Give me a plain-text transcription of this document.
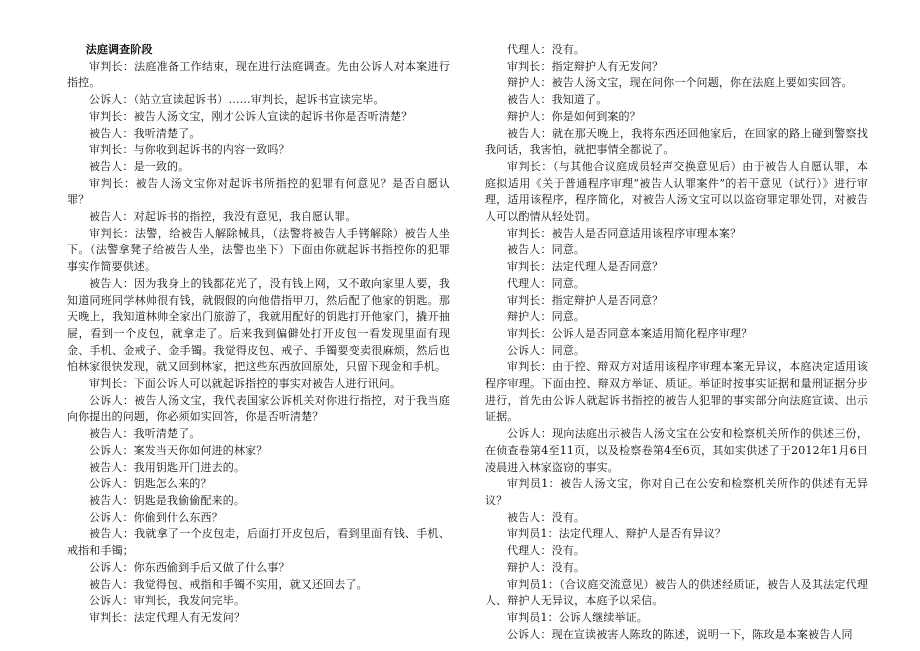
法庭调查阶段

审判长：法庭准备工作结束，现在进行法庭调查。先由公诉人对本案进行指控。

公诉人：（站立宣读起诉书）……审判长，起诉书宣读完毕。

审判长：被告人汤文宝，刚才公诉人宣读的起诉书你是否听清楚？

被告人：我听清楚了。

审判长：与你收到起诉书的内容一致吗？

被告人：是一致的。

审判长：被告人汤文宝你对起诉书所指控的犯罪有何意见？是否自愿认罪？

被告人：对起诉书的指控，我没有意见，我自愿认罪。

审判长：法警，给被告人解除械具，（法警将被告人手铐解除）被告人坐下。（法警拿凳子给被告人坐，法警也坐下）下面由你就起诉书指控你的犯罪事实作简要供述。

被告人：因为我身上的钱都花光了，没有钱上网，又不敢向家里人要，我知道同班同学林帅很有钱，就假假的向他借指甲刀，然后配了他家的钥匙。那天晚上，我知道林帅全家出门旅游了，我就用配好的钥匙打开他家门，撬开抽屉，看到一个皮包，就拿走了。后来我到偏僻处打开皮包一看发现里面有现金、手机、金戒子、金手镯。我觉得皮包、戒子、手镯要变卖很麻烦，然后也怕林家很快发现，就又回到林家，把这些东西放回原处，只留下现金和手机。

审判长：下面公诉人可以就起诉指控的事实对被告人进行讯问。

公诉人：被告人汤文宝，我代表国家公诉机关对你进行指控，对于我当庭向你提出的问题，你必须如实回答，你是否听清楚？

被告人：我听清楚了。

公诉人：案发当天你如何进的林家？

被告人：我用钥匙开门进去的。

公诉人：钥匙怎么来的？

被告人：钥匙是我偷偷配来的。

公诉人：你偷到什么东西？

被告人：我就拿了一个皮包走，后面打开皮包后，看到里面有钱、手机、戒指和手镯；

公诉人：你东西偷到手后又做了什么事？

被告人：我觉得包、戒指和手镯不实用，就又还回去了。

公诉人：审判长，我发问完毕。

审判长：法定代理人有无发问？

代理人：没有。

审判长：指定辩护人有无发问？

辩护人：被告人汤文宝，现在问你一个问题，你在法庭上要如实回答。

被告人：我知道了。

辩护人：你是如何到案的？

被告人：就在那天晚上，我将东西还回他家后，在回家的路上碰到警察找我问话，我害怕，就把事情全都说了。

审判长：（与其他合议庭成员轻声交换意见后）由于被告人自愿认罪，本庭拟适用《关于普通程序审理“被告人认罪案件”的若干意见（试行）》进行审理，适用该程序，程序简化，对被告人汤文宝可以以盗窃罪定罪处罚，对被告人可以酌情从轻处罚。

审判长：被告人是否同意适用该程序审理本案？

被告人：同意。

审判长：法定代理人是否同意？

代理人：同意。

审判长：指定辩护人是否同意？

辩护人：同意。

审判长：公诉人是否同意本案适用简化程序审理？

公诉人：同意。

审判长：由于控、辩双方对适用该程序审理本案无异议，本庭决定适用该程序审理。下面由控、辩双方举证、质证。举证时按事实证据和量刑证据分步进行，首先由公诉人就起诉书指控的被告人犯罪的事实部分向法庭宣读、出示证据。

公诉人：现向法庭出示被告人汤文宝在公安和检察机关所作的供述三份，在侦查卷第4至11页，以及检察卷第4至6页，其如实供述了于2012年1月6日凌晨进入林家盗窃的事实。

审判员1：被告人汤文宝，你对自己在公安和检察机关所作的供述有无异议？

被告人：没有。

审判员1：法定代理人、辩护人是否有异议？

代理人：没有。

辩护人：没有。

审判员1：（合议庭交流意见）被告人的供述经质证，被告人及其法定代理人、辩护人无异议，本庭予以采信。

审判员1：公诉人继续举证。

公诉人：现在宣读被害人陈玫的陈述，说明一下，陈玫是本案被告人同
